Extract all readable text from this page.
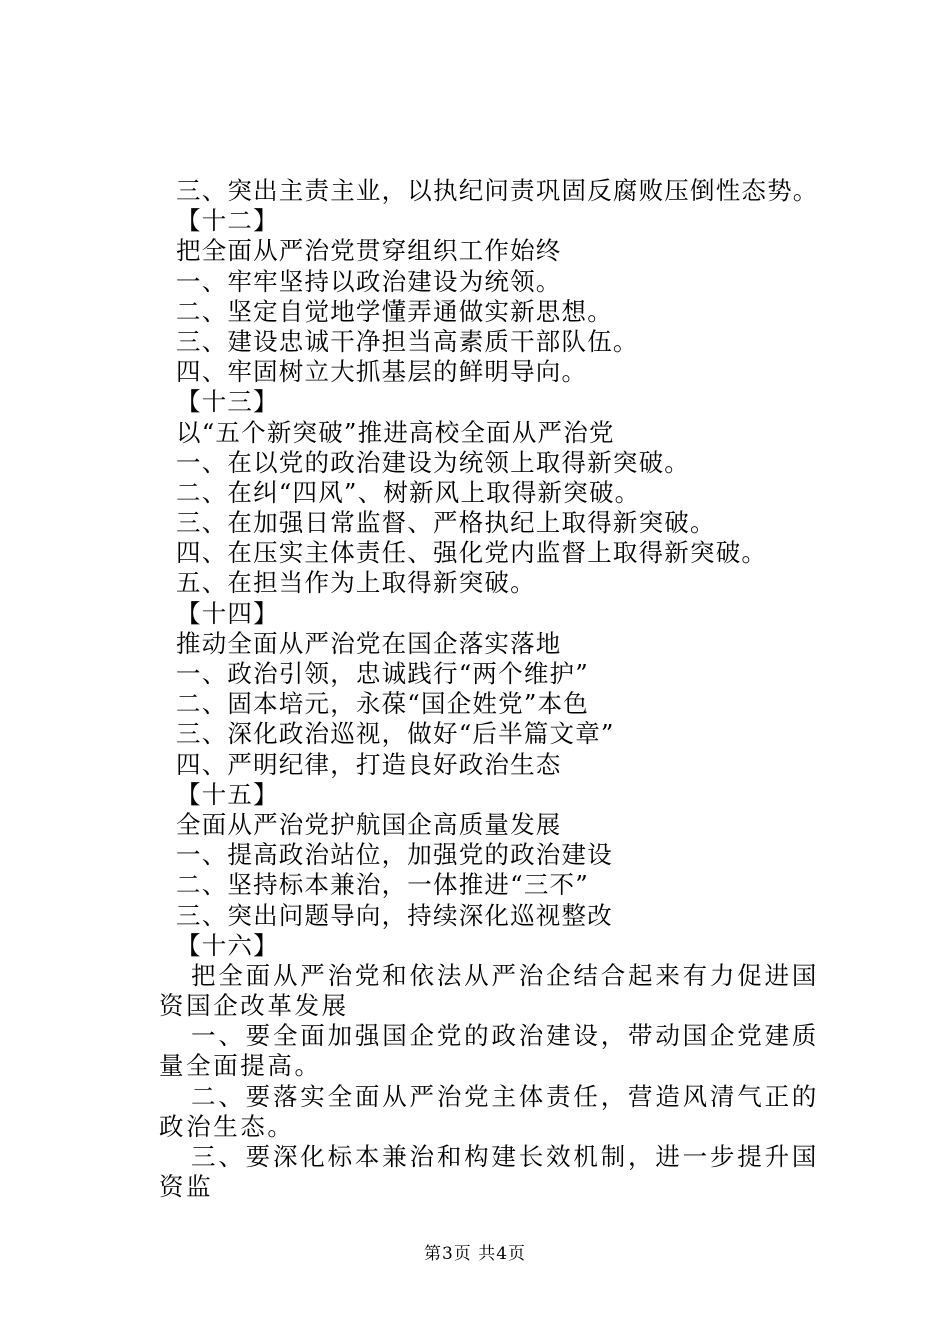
三、突出主责主业，以执纪问责巩固反腐败压倒性态势。
【十二】
把全面从严治党贯穿组织工作始终
一、牢牢坚持以政治建设为统领。
二、坚定自觉地学懂弄通做实新思想。
三、建设忠诚干净担当高素质干部队伍。
四、牢固树立大抓基层的鲜明导向。
【十三】
以“五个新突破”推进高校全面从严治党
一、在以党的政治建设为统领上取得新突破。
二、在纠“四风”、树新风上取得新突破。
三、在加强日常监督、严格执纪上取得新突破。
四、在压实主体责任、强化党内监督上取得新突破。
五、在担当作为上取得新突破。
【十四】
推动全面从严治党在国企落实落地
一、政治引领，忠诚践行“两个维护”
二、固本培元，永葆“国企姓党”本色
三、深化政治巡视，做好“后半篇文章”
四、严明纪律，打造良好政治生态
【十五】
全面从严治党护航国企高质量发展
一、提高政治站位，加强党的政治建设
二、坚持标本兼治，一体推进“三不”
三、突出问题导向，持续深化巡视整改
【十六】
把全面从严治党和依法从严治企结合起来有力促进国资国企改革发展
一、要全面加强国企党的政治建设，带动国企党建质量全面提高。
二、要落实全面从严治党主体责任，营造风清气正的政治生态。
三、要深化标本兼治和构建长效机制，进一步提升国资监
第3页 共4页
